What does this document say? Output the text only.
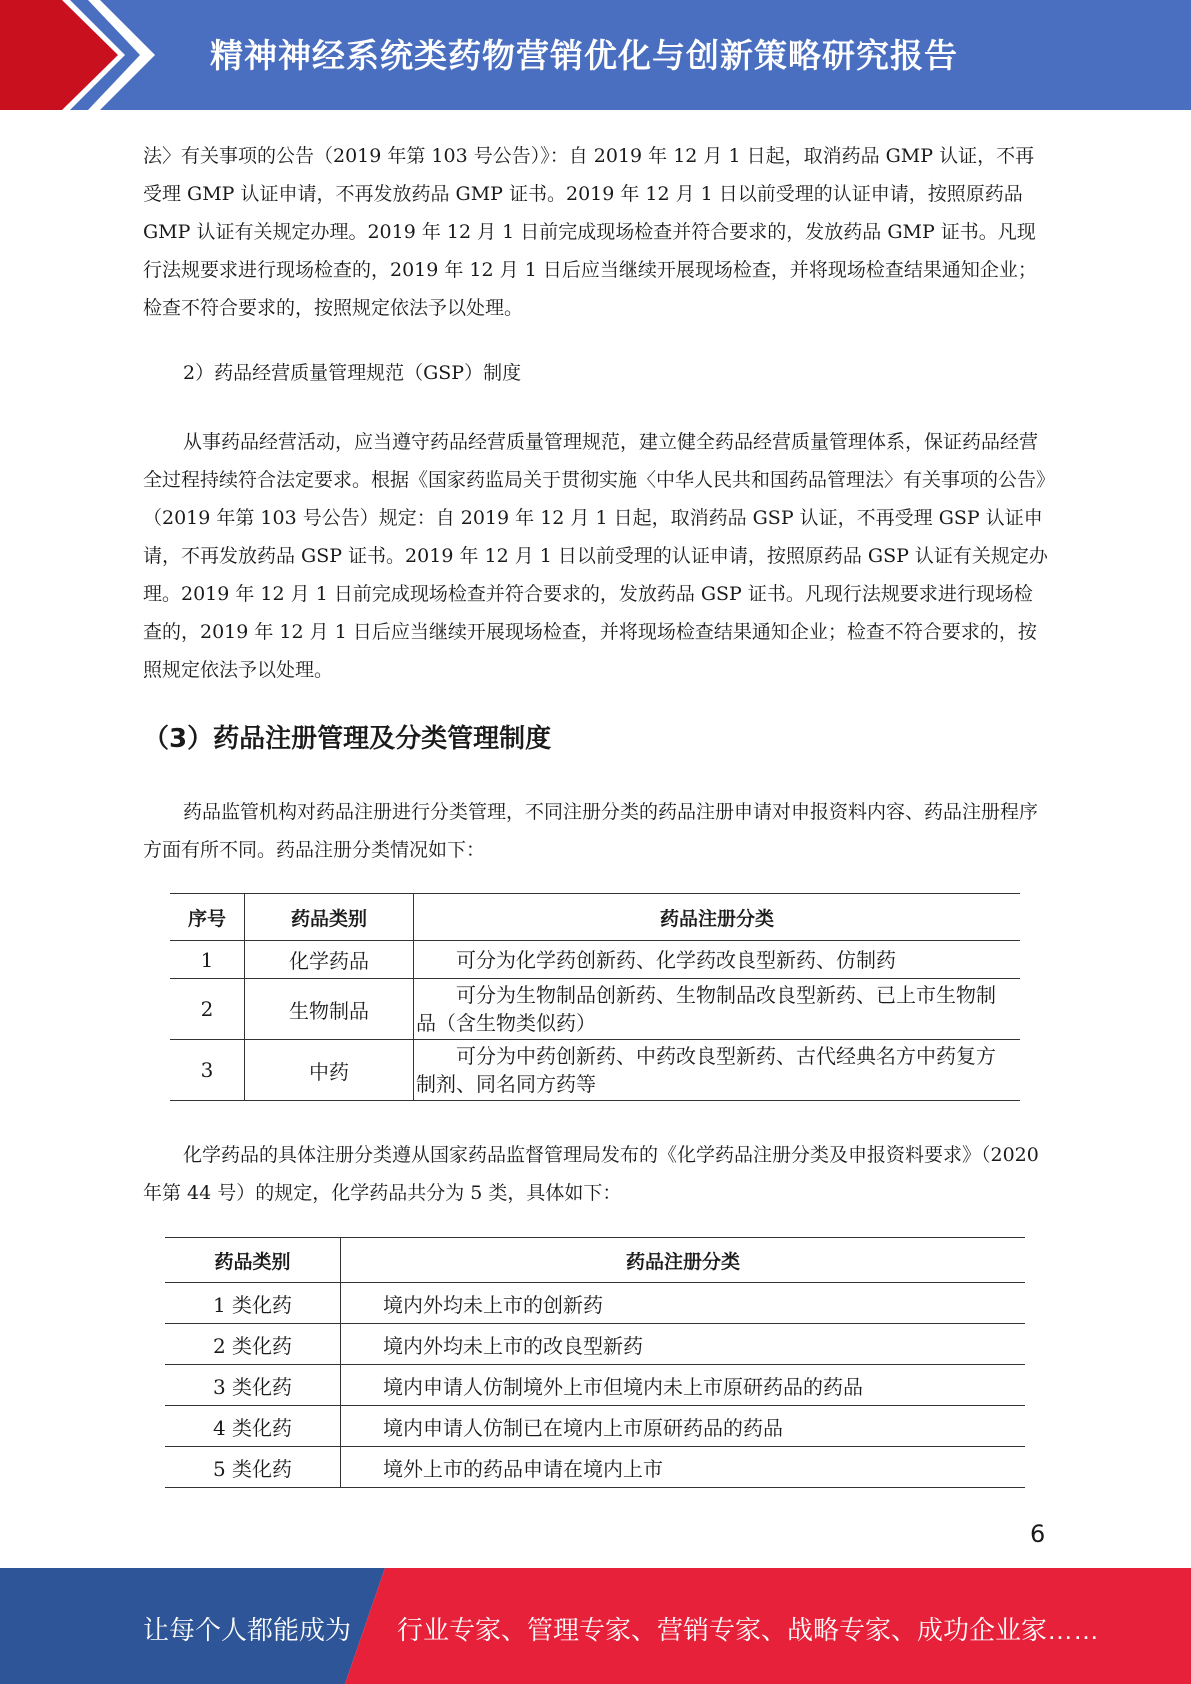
精神神经系统类药物营销优化与创新策略研究报告

法〉有关事项的公告（2019 年第 103 号公告）》：自 2019 年 12 月 1 日起，取消药品 GMP 认证，不再受理 GMP 认证申请，不再发放药品 GMP 证书。2019 年 12 月 1 日以前受理的认证申请，按照原药品 GMP 认证有关规定办理。2019 年 12 月 1 日前完成现场检查并符合要求的，发放药品 GMP 证书。凡现行法规要求进行现场检查的，2019 年 12 月 1 日后应当继续开展现场检查，并将现场检查结果通知企业；检查不符合要求的，按照规定依法予以处理。

2）药品经营质量管理规范（GSP）制度

从事药品经营活动，应当遵守药品经营质量管理规范，建立健全药品经营质量管理体系，保证药品经营全过程持续符合法定要求。根据《国家药监局关于贯彻实施〈中华人民共和国药品管理法〉有关事项的公告》（2019 年第 103 号公告）规定：自 2019 年 12 月 1 日起，取消药品 GSP 认证，不再受理 GSP 认证申请，不再发放药品 GSP 证书。2019 年 12 月 1 日以前受理的认证申请，按照原药品 GSP 认证有关规定办理。2019 年 12 月 1 日前完成现场检查并符合要求的，发放药品 GSP 证书。凡现行法规要求进行现场检查的，2019 年 12 月 1 日后应当继续开展现场检查，并将现场检查结果通知企业；检查不符合要求的，按照规定依法予以处理。

（3）药品注册管理及分类管理制度

药品监管机构对药品注册进行分类管理，不同注册分类的药品注册申请对申报资料内容、药品注册程序方面有所不同。药品注册分类情况如下：

序号	药品类别	药品注册分类
1	化学药品	可分为化学药创新药、化学药改良型新药、仿制药
2	生物制品	可分为生物制品创新药、生物制品改良型新药、已上市生物制 品（含生物类似药）
3	中药	可分为中药创新药、中药改良型新药、古代经典名方中药复方 制剂、同名同方药等

化学药品的具体注册分类遵从国家药品监督管理局发布的《化学药品注册分类及申报资料要求》（2020 年第 44 号）的规定，化学药品共分为 5 类，具体如下：

药品类别	药品注册分类
1 类化药	境内外均未上市的创新药
2 类化药	境内外均未上市的改良型新药
3 类化药	境内申请人仿制境外上市但境内未上市原研药品的药品
4 类化药	境内申请人仿制已在境内上市原研药品的药品
5 类化药	境外上市的药品申请在境内上市
6
让每个人都能成为 行业专家、管理专家、营销专家、战略专家、成功企业家……
